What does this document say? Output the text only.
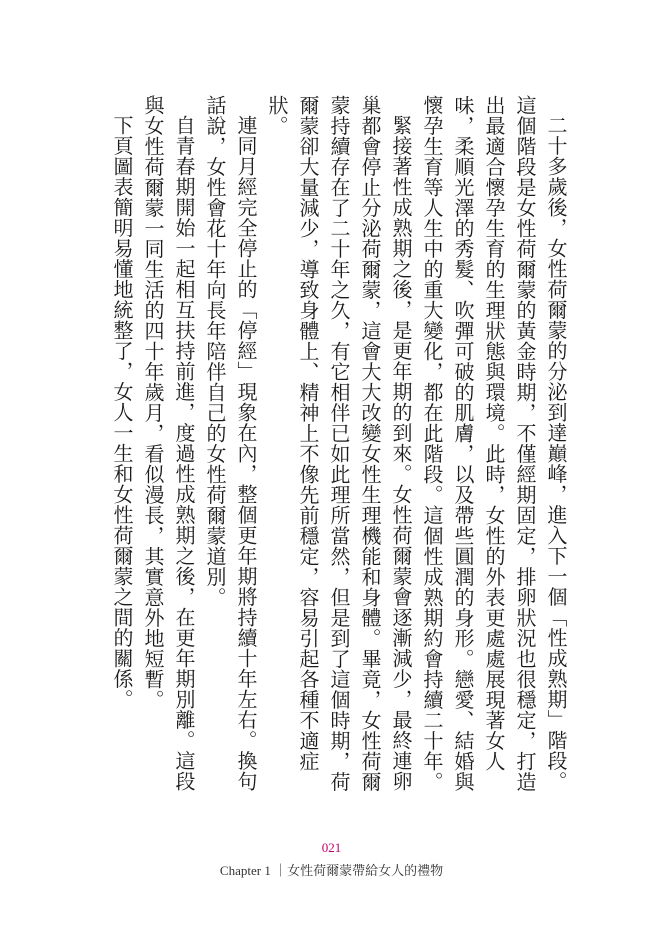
二十多歲後，女性荷爾蒙的分泌到達巔峰，進入下一個「性成熟期」階段。這個階段是女性荷爾蒙的黃金時期，不僅經期固定，排卵狀況也很穩定，打造出最適合懷孕生育的生理狀態與環境。此時，女性的外表更處處展現著女人味，柔順光澤的秀髮、吹彈可破的肌膚，以及帶些圓潤的身形。戀愛、結婚與懷孕生育等人生中的重大變化，都在此階段。這個性成熟期約會持續二十年。

緊接著性成熟期之後，是更年期的到來。女性荷爾蒙會逐漸減少，最終連卵巢都會停止分泌荷爾蒙，這會大大改變女性生理機能和身體。畢竟，女性荷爾蒙持續存在了二十年之久，有它相伴已如此理所當然，但是到了這個時期，荷爾蒙卻大量減少，導致身體上、精神上不像先前穩定，容易引起各種不適症狀。

連同月經完全停止的「停經」現象在內，整個更年期將持續十年左右。換句話說，女性會花十年向長年陪伴自己的女性荷爾蒙道別。

自青春期開始一起相互扶持前進，度過性成熟期之後，在更年期別離。這段與女性荷爾蒙一同生活的四十年歲月，看似漫長，其實意外地短暫。

下頁圖表簡明易懂地統整了，女人一生和女性荷爾蒙之間的關係。

021
Chapter 1 ｜女性荷爾蒙帶給女人的禮物
